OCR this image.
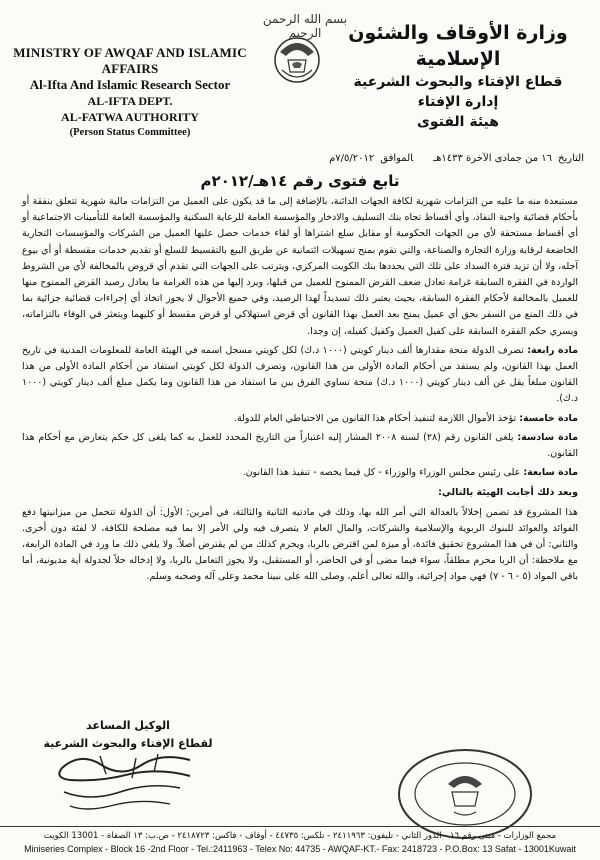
بسم الله الرحمن الرحيم
MINISTRY OF AWQAF AND ISLAMIC AFFAIRS
Al-Ifta And Islamic Research Sector
AL-IFTA DEPT.
AL-FATWA AUTHORITY
(Person Status Committee)
وزارة الأوقاف والشئون الإسلامية
قطاع الإفتاء والبحوث الشرعية
إدارة الإفتاء
هيئة الفتوى
التاريخ١٦ من جمادى الآخرة ١٤٣٣هـالموافق٧/٥/٢٠١٢م
تابع فتوى رقم ١٤هـ/٢٠١٢م

مستبعدة منه ما عليه من التزامات شهرية لكافة الجهات الدائنة، بالإضافة إلى ما قد يكون على العميل من التزامات مالية شهرية تتعلق بنفقة أو بأحكام قضائية واجبة النفاذ، وأي أقساط تجاه بنك التسليف والادخار والمؤسسة العامة للرعاية السكنية والمؤسسة العامة للتأمينات الاجتماعية أو أي أقساط مستحقة لأي من الجهات الحكومية أو مقابل سلع اشتراها أو لقاء خدمات حصل عليها العميل من الشركات والمؤسسات التجارية الخاضعة لرقابة وزارة التجارة والصناعة، والتي تقوم بمنح تسهيلات ائتمانية عن طريق البيع بالتقسيط للسلع أو تقديم خدمات مقسطة أو أي بيوع آجله، ولا أن تزيد فترة السداد على تلك التي يحددها بنك الكويت المركزي، ويترتب على الجهات التي تقدم أي قروض بالمخالفة لأي من الشروط الواردة في الفقرة السابقة غرامة تعادل ضعف القرض الممنوح للعميل من قبلها، ويرد إليها من هذه الغرامة ما يعادل رصيد القرض الممنوح منها للعميل بالمخالفة لأحكام الفقرة السابقة، بحيث يعتبر ذلك تسديداً لهذا الرصيد، وفي جميع الأحوال لا يجوز اتخاذ أي إجراءات قضائية جزائية بما في ذلك المنع من السفر بحق أي عميل يمنح بعد العمل بهذا القانون أي قرض استهلاكي أو قرض مقسط أو كليهما ويتعثر في الوفاء بالتزاماته، ويسري حكم الفقرة السابقة على كفيل العميل وكفيل كفيله، إن وجدا.

مادة رابعة: تصرف الدولة منحة مقدارها ألف دينار كويتي (١٠٠٠ د.ك) لكل كويتي مسجل اسمه في الهيئة العامة للمعلومات المدنية في تاريخ العمل بهذا القانون، ولم يستفد من أحكام المادة الأولى من هذا القانون، وتصرف الدولة لكل كويتي استفاد من أحكام المادة الأولى من هذا القانون مبلغاً يقل عن ألف دينار كويتي (١٠٠٠ د.ك) منحة تساوي الفرق بين ما استفاد من هذا القانون وما يكمل مبلغ ألف دينار كويتي (١٠٠٠ د.ك).

مادة خامسة: تؤخذ الأموال اللازمة لتنفيذ أحكام هذا القانون من الاحتياطي العام للدولة.

مادة سادسة: يلغى القانون رقم (٢٨) لسنة ٢٠٠٨ المشار إليه اعتباراً من التاريخ المحدد للعمل به كما يلغى كل حكم يتعارض مع أحكام هذا القانون.

مادة سابعة: على رئيس مجلس الوزراء والوزراء - كل فيما يخصه - تنفيذ هذا القانون.

وبعد ذلك أجابت الهيئة بالتالي:

هذا المشروع قد تضمن إخلالاً بالعدالة التي أمر الله بها، وذلك في مادتيه الثانية والثالثة، في أمرين: الأول: أن الدولة تتحمل من ميزانيتها دفع الفوائد والعوائد للبنوك الربوية والإسلامية والشركات، والمال العام لا يتصرف فيه ولي الأمر إلا بما فيه مصلحة للكافة، لا لفئة دون أخرى. والثاني: أن في هذا المشروع تحقيق فائدة، أو ميزة لمن اقترض بالربا، ويحرم كذلك من لم يقترض أصلاً. ولا يلغي ذلك ما ورد في المادة الرابعة، مع ملاحظة: أن الربا محرم مطلقاً، سواء فيما مضى أو في الحاضر، أو المستقبل، ولا يجوز التعامل بالربا، ولا إدخاله حلاً لجدولة أية مديونية، أما باقي المواد (٥ - ٦ - ٧) فهي مواد إجرائية، والله تعالى أعلم، وصلى الله على نبينا محمد وعلى آله وصحبه وسلم.

الوكيل المساعد
لقطاع الإفتاء والبحوث الشرعية
مجمع الوزارات - مبنى رقم ١٦ - الدور الثاني - تليفون: ٢٤١١٩٦٣ - تلكس: ٤٤٧٣٥ - أوقاف - فاكس: ٢٤١٨٧٢٣ - ص.ب: ١٣ الصفاة - 13001 الكويت
Miniseries Complex - Block 16 -2nd Floor - Tel.:2411963 - Telex No: 44735 - AWQAF-KT.- Fax: 2418723 - P.O.Box: 13 Safat - 13001Kuwait
